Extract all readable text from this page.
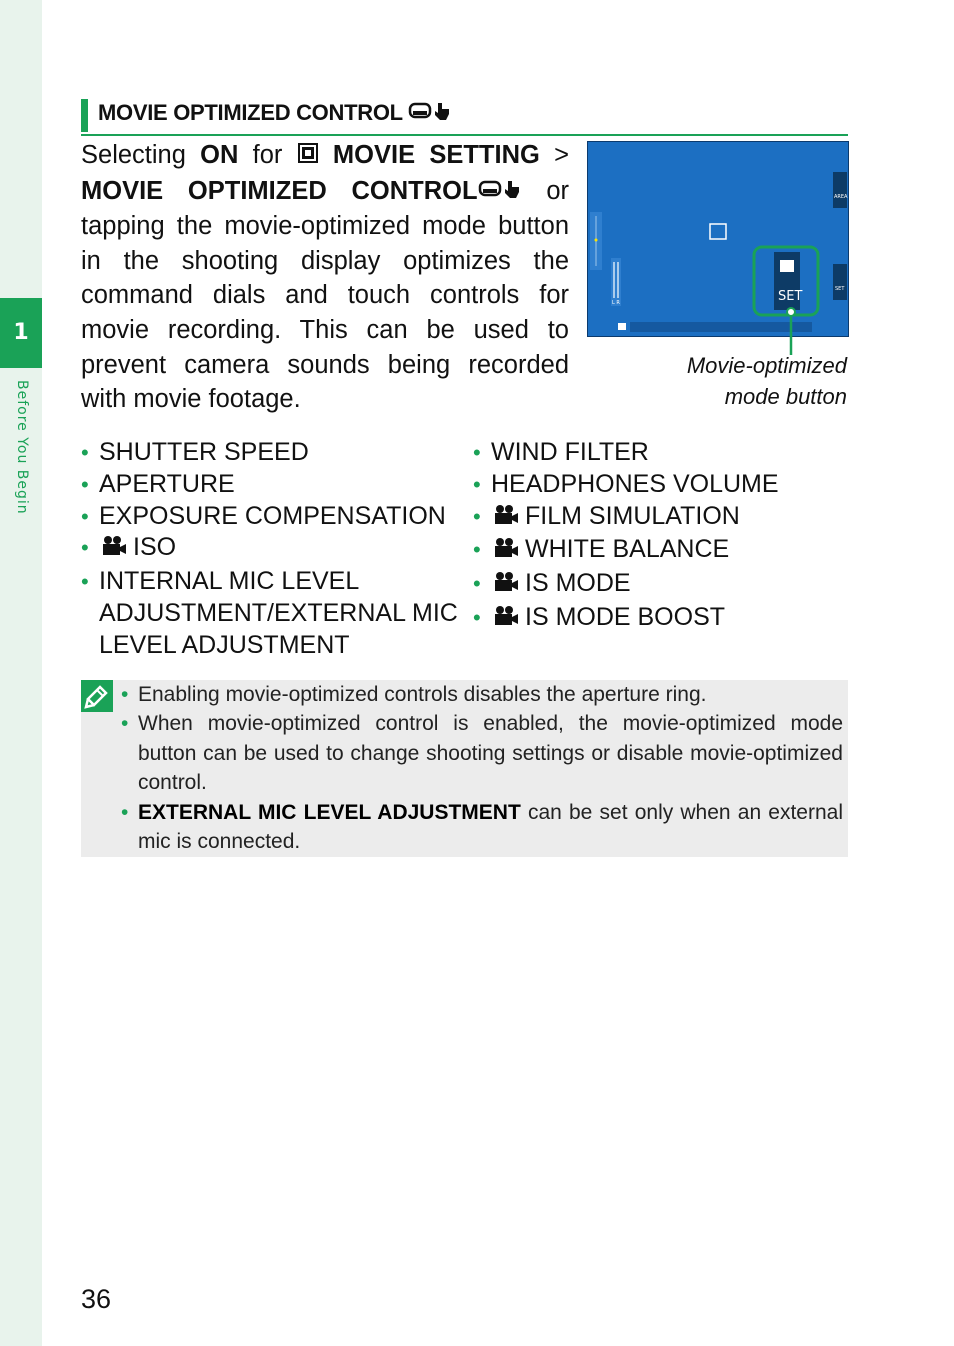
1
Before You Begin
MOVIE OPTIMIZED CONTROL
Selecting ON for  MOVIE SETTING > MOVIE OPTIMIZED CONTROL or tapping the movie-optimized mode button in the shooting display optimizes the command dials and touch controls for movie recording. This can be used to prevent camera sounds being recorded with movie footage.
L R
AREA
SET
SET
Movie-optimized
mode button
• SHUTTER SPEED
• APERTURE
• EXPOSURE COMPENSATION
• ISO
• INTERNAL MIC LEVEL ADJUSTMENT/EXTERNAL MIC LEVEL ADJUSTMENT
• WIND FILTER
• HEADPHONES VOLUME
• FILM SIMULATION
• WHITE BALANCE
• IS MODE
• IS MODE BOOST
• Enabling movie-optimized controls disables the aperture ring.
• When movie-optimized control is enabled, the movie-optimized mode button can be used to change shooting settings or disable movie-optimized control.
• EXTERNAL MIC LEVEL ADJUSTMENT can be set only when an external mic is connected.
36
